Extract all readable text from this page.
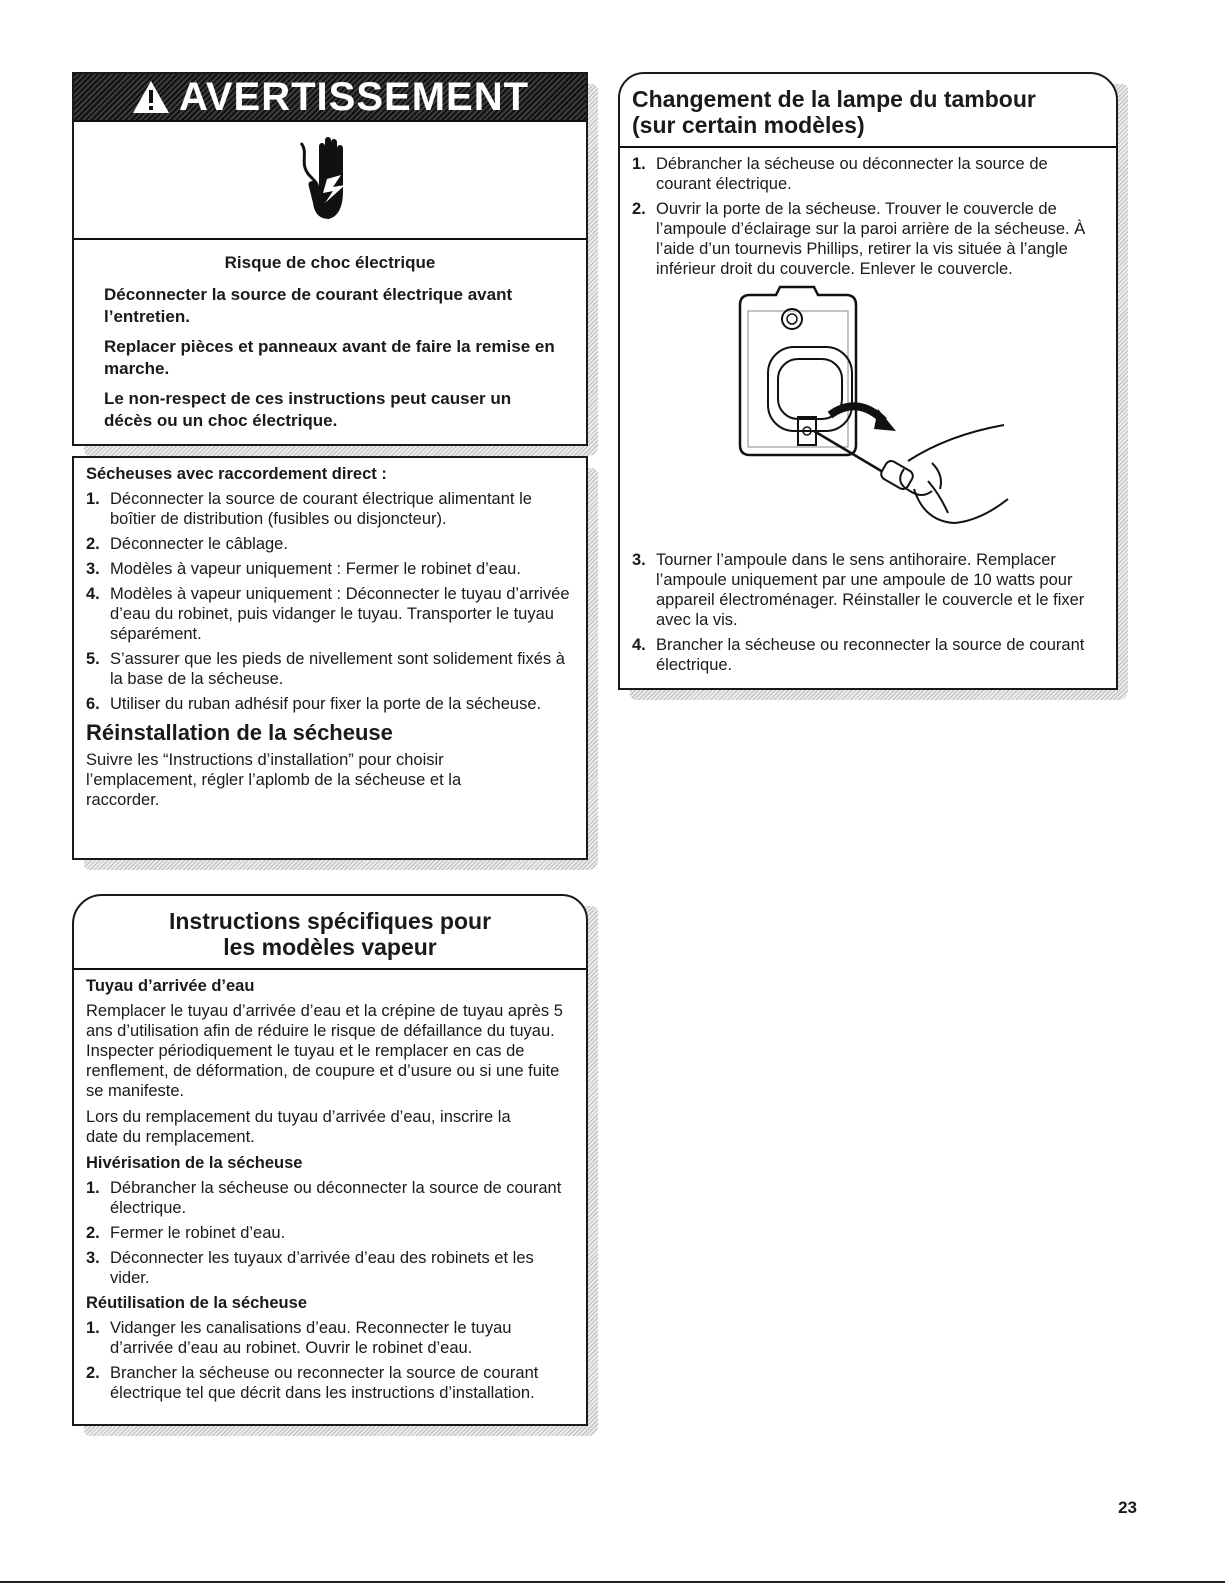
AVERTISSEMENT

Risque de choc électrique

Déconnecter la source de courant électrique avant l’entretien.

Replacer pièces et panneaux avant de faire la remise en marche.

Le non-respect de ces instructions peut causer un décès ou un choc électrique.

Sécheuses avec raccordement direct :
1. Déconnecter la source de courant électrique alimentant le boîtier de distribution (fusibles ou disjoncteur).
2. Déconnecter le câblage.
3. Modèles à vapeur uniquement : Fermer le robinet d’eau.
4. Modèles à vapeur uniquement : Déconnecter le tuyau d’arrivée d’eau du robinet, puis vidanger le tuyau. Transporter le tuyau séparément.
5. S’assurer que les pieds de nivellement sont solidement fixés à la base de la sécheuse.
6. Utiliser du ruban adhésif pour fixer la porte de la sécheuse.
Réinstallation de la sécheuse

Suivre les “Instructions d’installation” pour choisir l’emplacement, régler l’aplomb de la sécheuse et la raccorder.

Instructions spécifiques pour
les modèles vapeur
Tuyau d’arrivée d’eau

Remplacer le tuyau d’arrivée d’eau et la crépine de tuyau après 5 ans d’utilisation afin de réduire le risque de défaillance du tuyau. Inspecter périodiquement le tuyau et le remplacer en cas de renflement, de déformation, de coupure et d’usure ou si une fuite se manifeste.

Lors du remplacement du tuyau d’arrivée d’eau, inscrire la date du remplacement.

Hivérisation de la sécheuse
1. Débrancher la sécheuse ou déconnecter la source de courant électrique.
2. Fermer le robinet d’eau.
3. Déconnecter les tuyaux d’arrivée d’eau des robinets et les vider.
Réutilisation de la sécheuse
1. Vidanger les canalisations d’eau. Reconnecter le tuyau d’arrivée d’eau au robinet. Ouvrir le robinet d’eau.
2. Brancher la sécheuse ou reconnecter la source de courant électrique tel que décrit dans les instructions d’installation.
Changement de la lampe du tambour
(sur certain modèles)
1. Débrancher la sécheuse ou déconnecter la source de courant électrique.
2. Ouvrir la porte de la sécheuse. Trouver le couvercle de l’ampoule d’éclairage sur la paroi arrière de la sécheuse. À l’aide d’un tournevis Phillips, retirer la vis située à l’angle inférieur droit du couvercle. Enlever le couvercle.
3. Tourner l’ampoule dans le sens antihoraire. Remplacer l’ampoule uniquement par une ampoule de 10 watts pour appareil électroménager. Réinstaller le couvercle et le fixer avec la vis.
4. Brancher la sécheuse ou reconnecter la source de courant électrique.
23
